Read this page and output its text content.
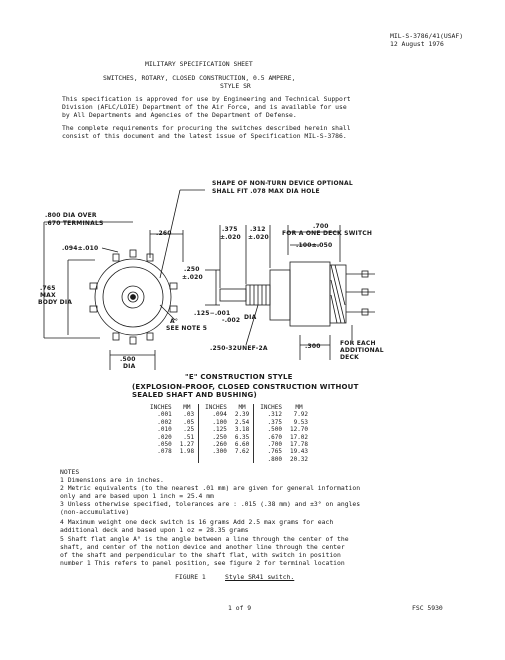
MIL-S-3786/41(USAF)
12 August 1976
MILITARY SPECIFICATION SHEET
SWITCHES, ROTARY, CLOSED CONSTRUCTION, 0.5 AMPERE,
STYLE SR
This specification is approved for use by Engineering and Technical Support
Division (AFLC/LOIE) Department of the Air Force, and is available for use
by All Departments and Agencies of the Department of Defense.
The complete requirements for procuring the switches described herein shall
consist of this document and the latest issue of Specification MIL-S-3786.
SHAPE OF NON-TURN DEVICE OPTIONAL
SHALL FIT .078 MAX DIA HOLE
.800 DIA OVER
.670 TERMINALS
.260
.094±.010
.765
MAX
BODY DIA
.500
DIA
A°
SEE NOTE 5
.125−.001
-.002 DIA
.375
±.020
.312
±.020
.700
FOR A ONE DECK SWITCH
.100±.050
.250
±.020
.250-32UNEF-2A	.300	FOR EACH
ADDITIONAL
DECK
"E" CONSTRUCTION STYLE
(EXPLOSION-PROOF, CLOSED CONSTRUCTION WITHOUT
SEALED SHAFT AND BUSHING)
INCHES	MM		INCHES	MM		INCHES	MM
.001	.03		.094	2.39		.312	7.92
.002	.05		.100	2.54		.375	9.53
.010	.25		.125	3.18		.500	12.70
.020	.51		.250	6.35		.670	17.02
.050	1.27		.260	6.60		.700	17.78
.078	1.98		.300	7.62		.765	19.43
						.800	20.32
NOTES
1 Dimensions are in inches.
2 Metric equivalents (to the nearest .01 mm) are given for general information
only and are based upon 1 inch = 25.4 mm
3 Unless otherwise specified, tolerances are : .015 (.38 mm) and ±3° on angles
(non-accumulative)
4 Maximum weight one deck switch is 16 grams Add 2.5 max grams for each
additional deck and based upon 1 oz = 28.35 grams
5 Shaft flat angle A° is the angle between a line through the center of the
shaft, and center of the notion device and another line through the center
of the shaft and perpendicular to the shaft flat, with switch in position
number 1 This refers to panel position, see figure 2 for terminal location
FIGURE 1	Style SR41 switch.
1 of 9	FSC 5930
